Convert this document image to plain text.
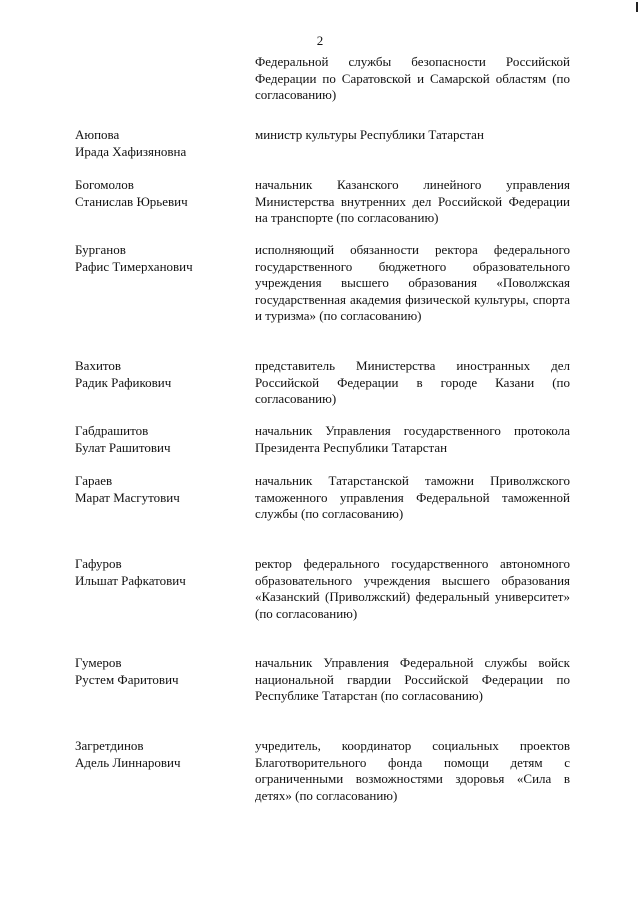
2
Федеральной службы безопасности Российской Федерации по Саратовской и Самарской областям (по согласованию)
Аюпова
Ирада Хафизяновна
министр культуры Республики Татарстан
Богомолов
Станислав Юрьевич
начальник Казанского линейного управления Министерства внутренних дел Российской Федерации на транспорте (по согласованию)
Бурганов
Рафис Тимерханович
исполняющий обязанности ректора федерального государственного бюджетного образовательного учреждения высшего образования «Поволжская государственная академия физической культуры, спорта и туризма» (по согласованию)
Вахитов
Радик Рафикович
представитель Министерства иностранных дел Российской Федерации в городе Казани (по согласованию)
Габдрашитов
Булат Рашитович
начальник Управления государственного протокола Президента Республики Татарстан
Гараев
Марат Масгутович
начальник Татарстанской таможни Приволжского таможенного управления Федеральной таможенной службы (по согласованию)
Гафуров
Ильшат Рафкатович
ректор федерального государственного автономного образовательного учреждения высшего образования «Казанский (Приволжский) федеральный университет» (по согласованию)
Гумеров
Рустем Фаритович
начальник Управления Федеральной службы войск национальной гвардии Российской Федерации по Республике Татарстан (по согласованию)
Загретдинов
Адель Линнарович
учредитель, координатор социальных проектов Благотворительного фонда помощи детям с ограниченными возможностями здоровья «Сила в детях» (по согласованию)
